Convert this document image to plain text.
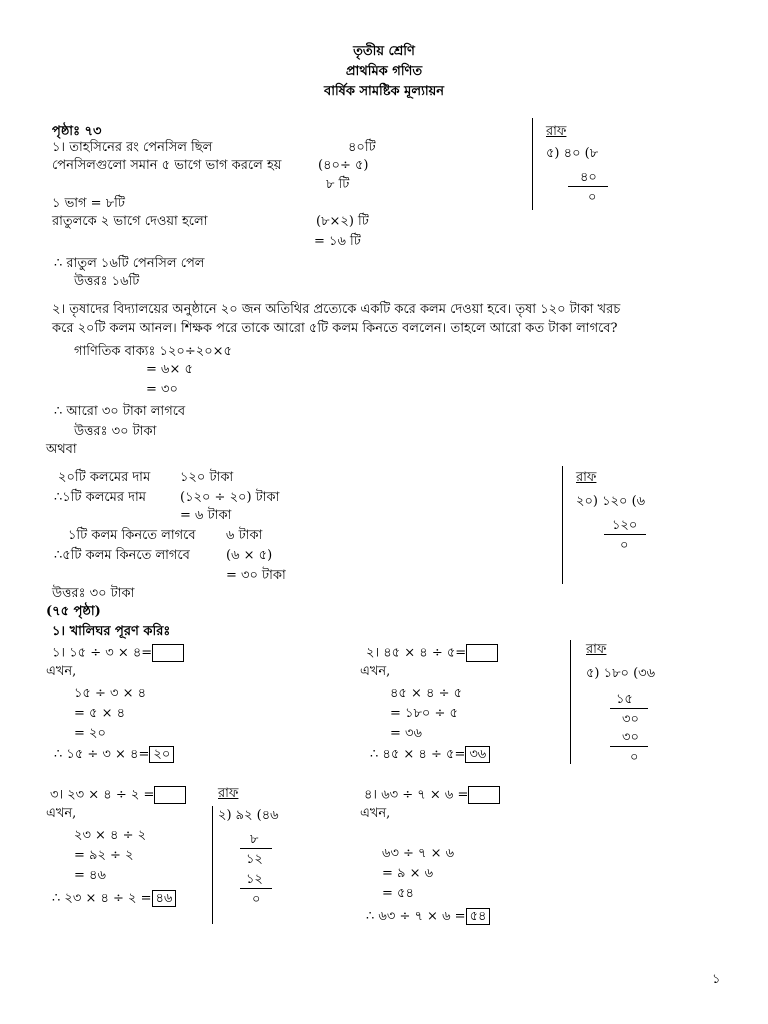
তৃতীয় শ্রেণি
প্রাথমিক গণিত
বার্ষিক সামষ্টিক মূল্যায়ন
পৃষ্ঠাঃ ৭৩
১। তাহসিনের রং পেনসিল ছিল	৪০টি
পেনসিলগুলো সমান ৫ ভাগে ভাগ করলে হয়	(৪০÷ ৫)
৮ টি
১ ভাগ = ৮টি
রাতুলকে ২ ভাগে দেওয়া হলো	(৮×২) টি
= ১৬ টি
∴ রাতুল ১৬টি পেনসিল পেল
উত্তরঃ ১৬টি
রাফ
৫) ৪০ (৮
৪০
০
২। তৃষাদের বিদ্যালয়ের অনুষ্ঠানে ২০ জন অতিথির প্রত্যেকে একটি করে কলম দেওয়া হবে। তৃষা ১২০ টাকা খরচ
করে ২০টি কলম আনল। শিক্ষক পরে তাকে আরো ৫টি কলম কিনতে বললেন। তাহলে আরো কত টাকা লাগবে?
গাণিতিক বাক্যঃ ১২০÷২০×৫
= ৬× ৫
= ৩০
∴ আরো ৩০ টাকা লাগবে
উত্তরঃ ৩০ টাকা
অথবা
২০টি কলমের দাম ১২০ টাকা
∴১টি কলমের দাম	(১২০ ÷ ২০) টাকা
= ৬ টাকা
১টি কলম কিনতে লাগবে ৬ টাকা
∴৫টি কলম কিনতে লাগবে	(৬ × ৫)
= ৩০ টাকা
উত্তরঃ ৩০ টাকা
রাফ
২০) ১২০ (৬
১২০
০
(৭৫ পৃষ্ঠা)
১। খালিঘর পূরণ করিঃ
১। ১৫ ÷ ৩ × ৪=
এখন,
১৫ ÷ ৩ × ৪
= ৫ × ৪
= ২০
∴ ১৫ ÷ ৩ × ৪= ২০
২। ৪৫ × ৪ ÷ ৫=
এখন,
৪৫ × ৪ ÷ ৫
= ১৮০ ÷ ৫
= ৩৬
∴ ৪৫ × ৪ ÷ ৫= ৩৬
রাফ
৫) ১৮০ (৩৬
১৫
৩০
৩০
০
৩। ২৩ × ৪ ÷ ২ =
এখন,
২৩ × ৪ ÷ ২
= ৯২ ÷ ২
= ৪৬
∴ ২৩ × ৪ ÷ ২ = ৪৬
রাফ
২) ৯২ (৪৬
৮
১২
১২
০
৪। ৬৩ ÷ ৭ × ৬ =
এখন,
৬৩ ÷ ৭ × ৬
= ৯ × ৬
= ৫৪
∴ ৬৩ ÷ ৭ × ৬ = ৫৪
১
